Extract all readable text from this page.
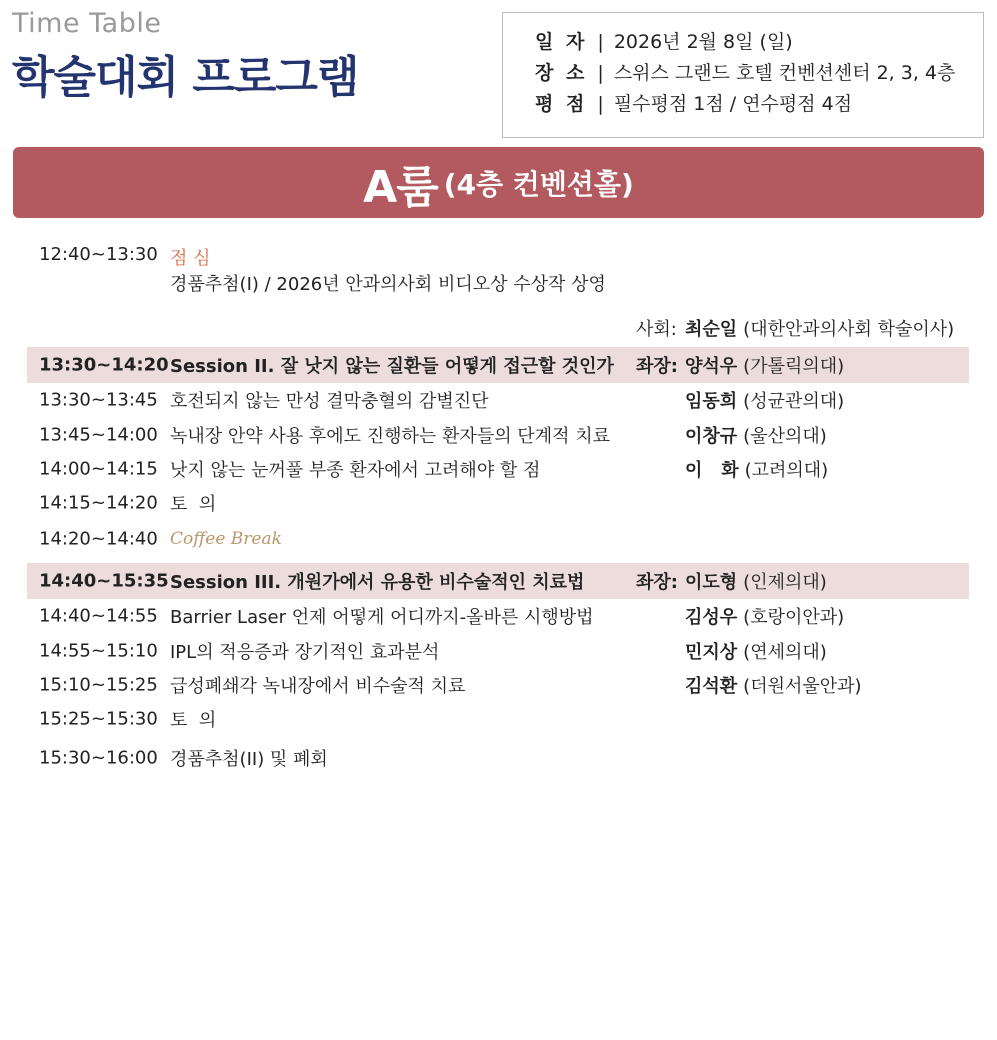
Time Table
학술대회 프로그램
일 자 | 2026년 2월 8일 (일)
장 소 | 스위스 그랜드 호텔 컨벤션센터 2, 3, 4층
평 점 | 필수평점 1점 / 연수평점 4점
A룸 (4층 컨벤션홀)
12:40~13:30 점 심
경품추첨(I) / 2026년 안과의사회 비디오상 수상작 상영
사회: 최순일 (대한안과의사회 학술이사)
13:30~14:20 Session II. 잘 낫지 않는 질환들 어떻게 접근할 것인가 좌장: 양석우 (가톨릭의대)
13:30~13:45 호전되지 않는 만성 결막충혈의 감별진단	임동희 (성균관의대)
13:45~14:00 녹내장 안약 사용 후에도 진행하는 환자들의 단계적 치료	이창규 (울산의대)
14:00~14:15 낫지 않는 눈꺼풀 부종 환자에서 고려해야 할 점	이   화 (고려의대)
14:15~14:20 토  의
14:20~14:40 Coffee Break
14:40~15:35 Session III. 개원가에서 유용한 비수술적인 치료법	좌장: 이도형 (인제의대)
14:40~14:55 Barrier Laser 언제 어떻게 어디까지-올바른 시행방법	김성우 (호랑이안과)
14:55~15:10 IPL의 적응증과 장기적인 효과분석	민지상 (연세의대)
15:10~15:25 급성폐쇄각 녹내장에서 비수술적 치료	김석환 (더원서울안과)
15:25~15:30 토  의
15:30~16:00 경품추첨(II) 및 폐회
